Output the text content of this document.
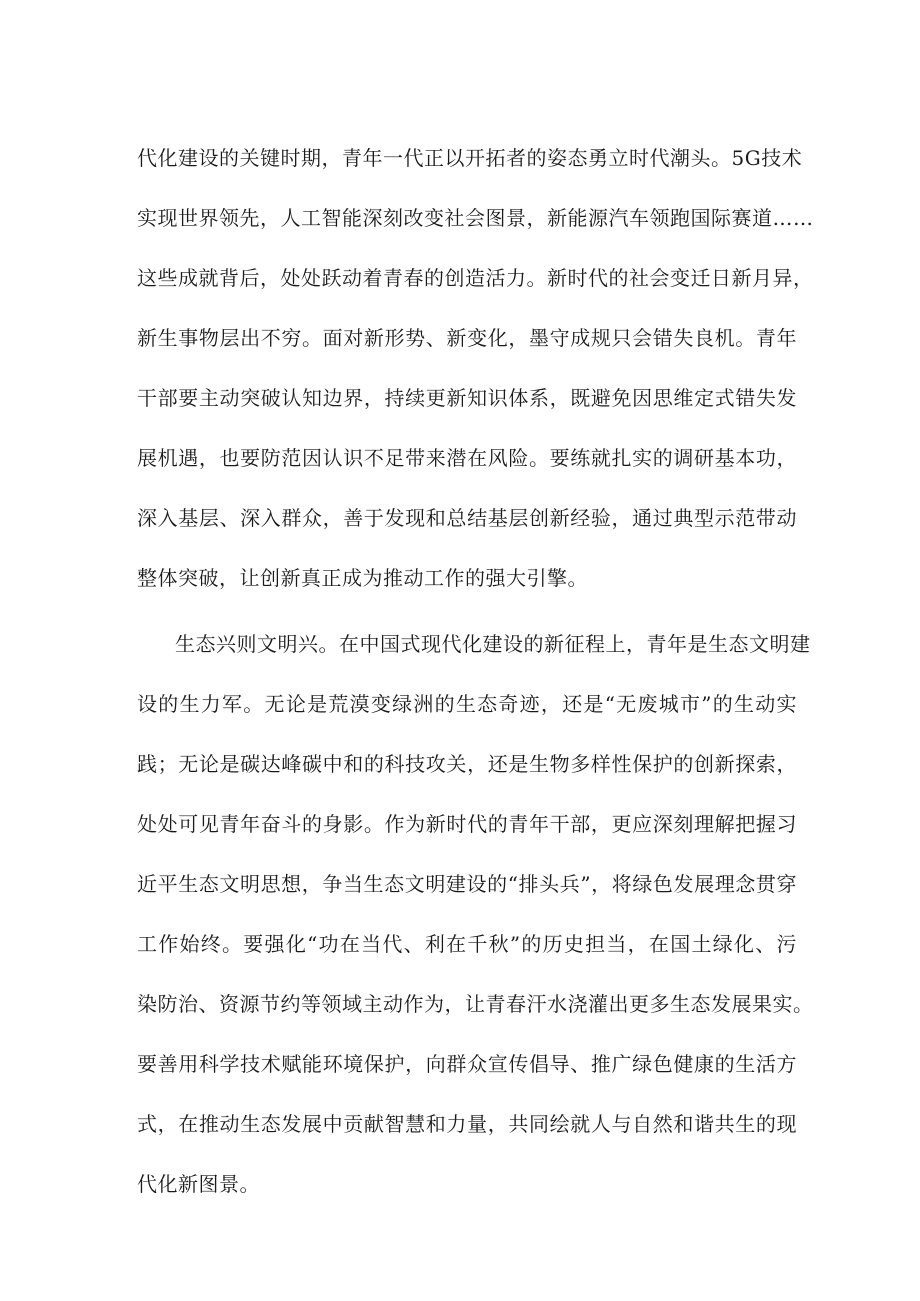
代化建设的关键时期，青年一代正以开拓者的姿态勇立时代潮头。5G技术
实现世界领先，人工智能深刻改变社会图景，新能源汽车领跑国际赛道……
这些成就背后，处处跃动着青春的创造活力。新时代的社会变迁日新月异，
新生事物层出不穷。面对新形势、新变化，墨守成规只会错失良机。青年
干部要主动突破认知边界，持续更新知识体系，既避免因思维定式错失发
展机遇，也要防范因认识不足带来潜在风险。要练就扎实的调研基本功，
深入基层、深入群众，善于发现和总结基层创新经验，通过典型示范带动
整体突破，让创新真正成为推动工作的强大引擎。
生态兴则文明兴。在中国式现代化建设的新征程上，青年是生态文明建
设的生力军。无论是荒漠变绿洲的生态奇迹，还是“无废城市”的生动实
践；无论是碳达峰碳中和的科技攻关，还是生物多样性保护的创新探索，
处处可见青年奋斗的身影。作为新时代的青年干部，更应深刻理解把握习
近平生态文明思想，争当生态文明建设的“排头兵”，将绿色发展理念贯穿
工作始终。要强化“功在当代、利在千秋”的历史担当，在国土绿化、污
染防治、资源节约等领域主动作为，让青春汗水浇灌出更多生态发展果实。
要善用科学技术赋能环境保护，向群众宣传倡导、推广绿色健康的生活方
式，在推动生态发展中贡献智慧和力量，共同绘就人与自然和谐共生的现
代化新图景。
